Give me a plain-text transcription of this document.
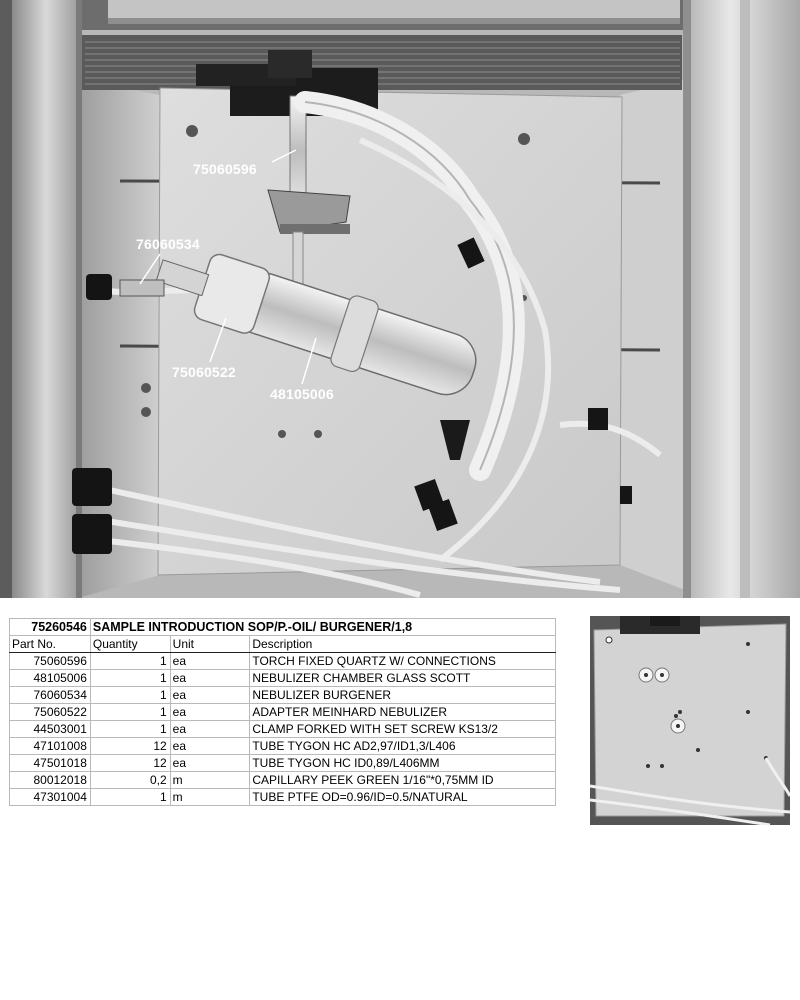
75060596
76060534
75060522
48105006
75260546	SAMPLE INTRODUCTION SOP/P.-OIL/ BURGENER/1,8		
Part No.	Quantity	Unit	Description
75060596	1	ea	TORCH FIXED QUARTZ W/ CONNECTIONS
48105006	1	ea	NEBULIZER CHAMBER GLASS SCOTT
76060534	1	ea	NEBULIZER BURGENER
75060522	1	ea	ADAPTER MEINHARD NEBULIZER
44503001	1	ea	CLAMP FORKED WITH SET SCREW KS13/2
47101008	12	ea	TUBE TYGON HC AD2,97/ID1,3/L406
47501018	12	ea	TUBE TYGON HC ID0,89/L406MM
80012018	0,2	m	CAPILLARY PEEK GREEN 1/16"*0,75MM ID
47301004	1	m	TUBE PTFE OD=0.96/ID=0.5/NATURAL
